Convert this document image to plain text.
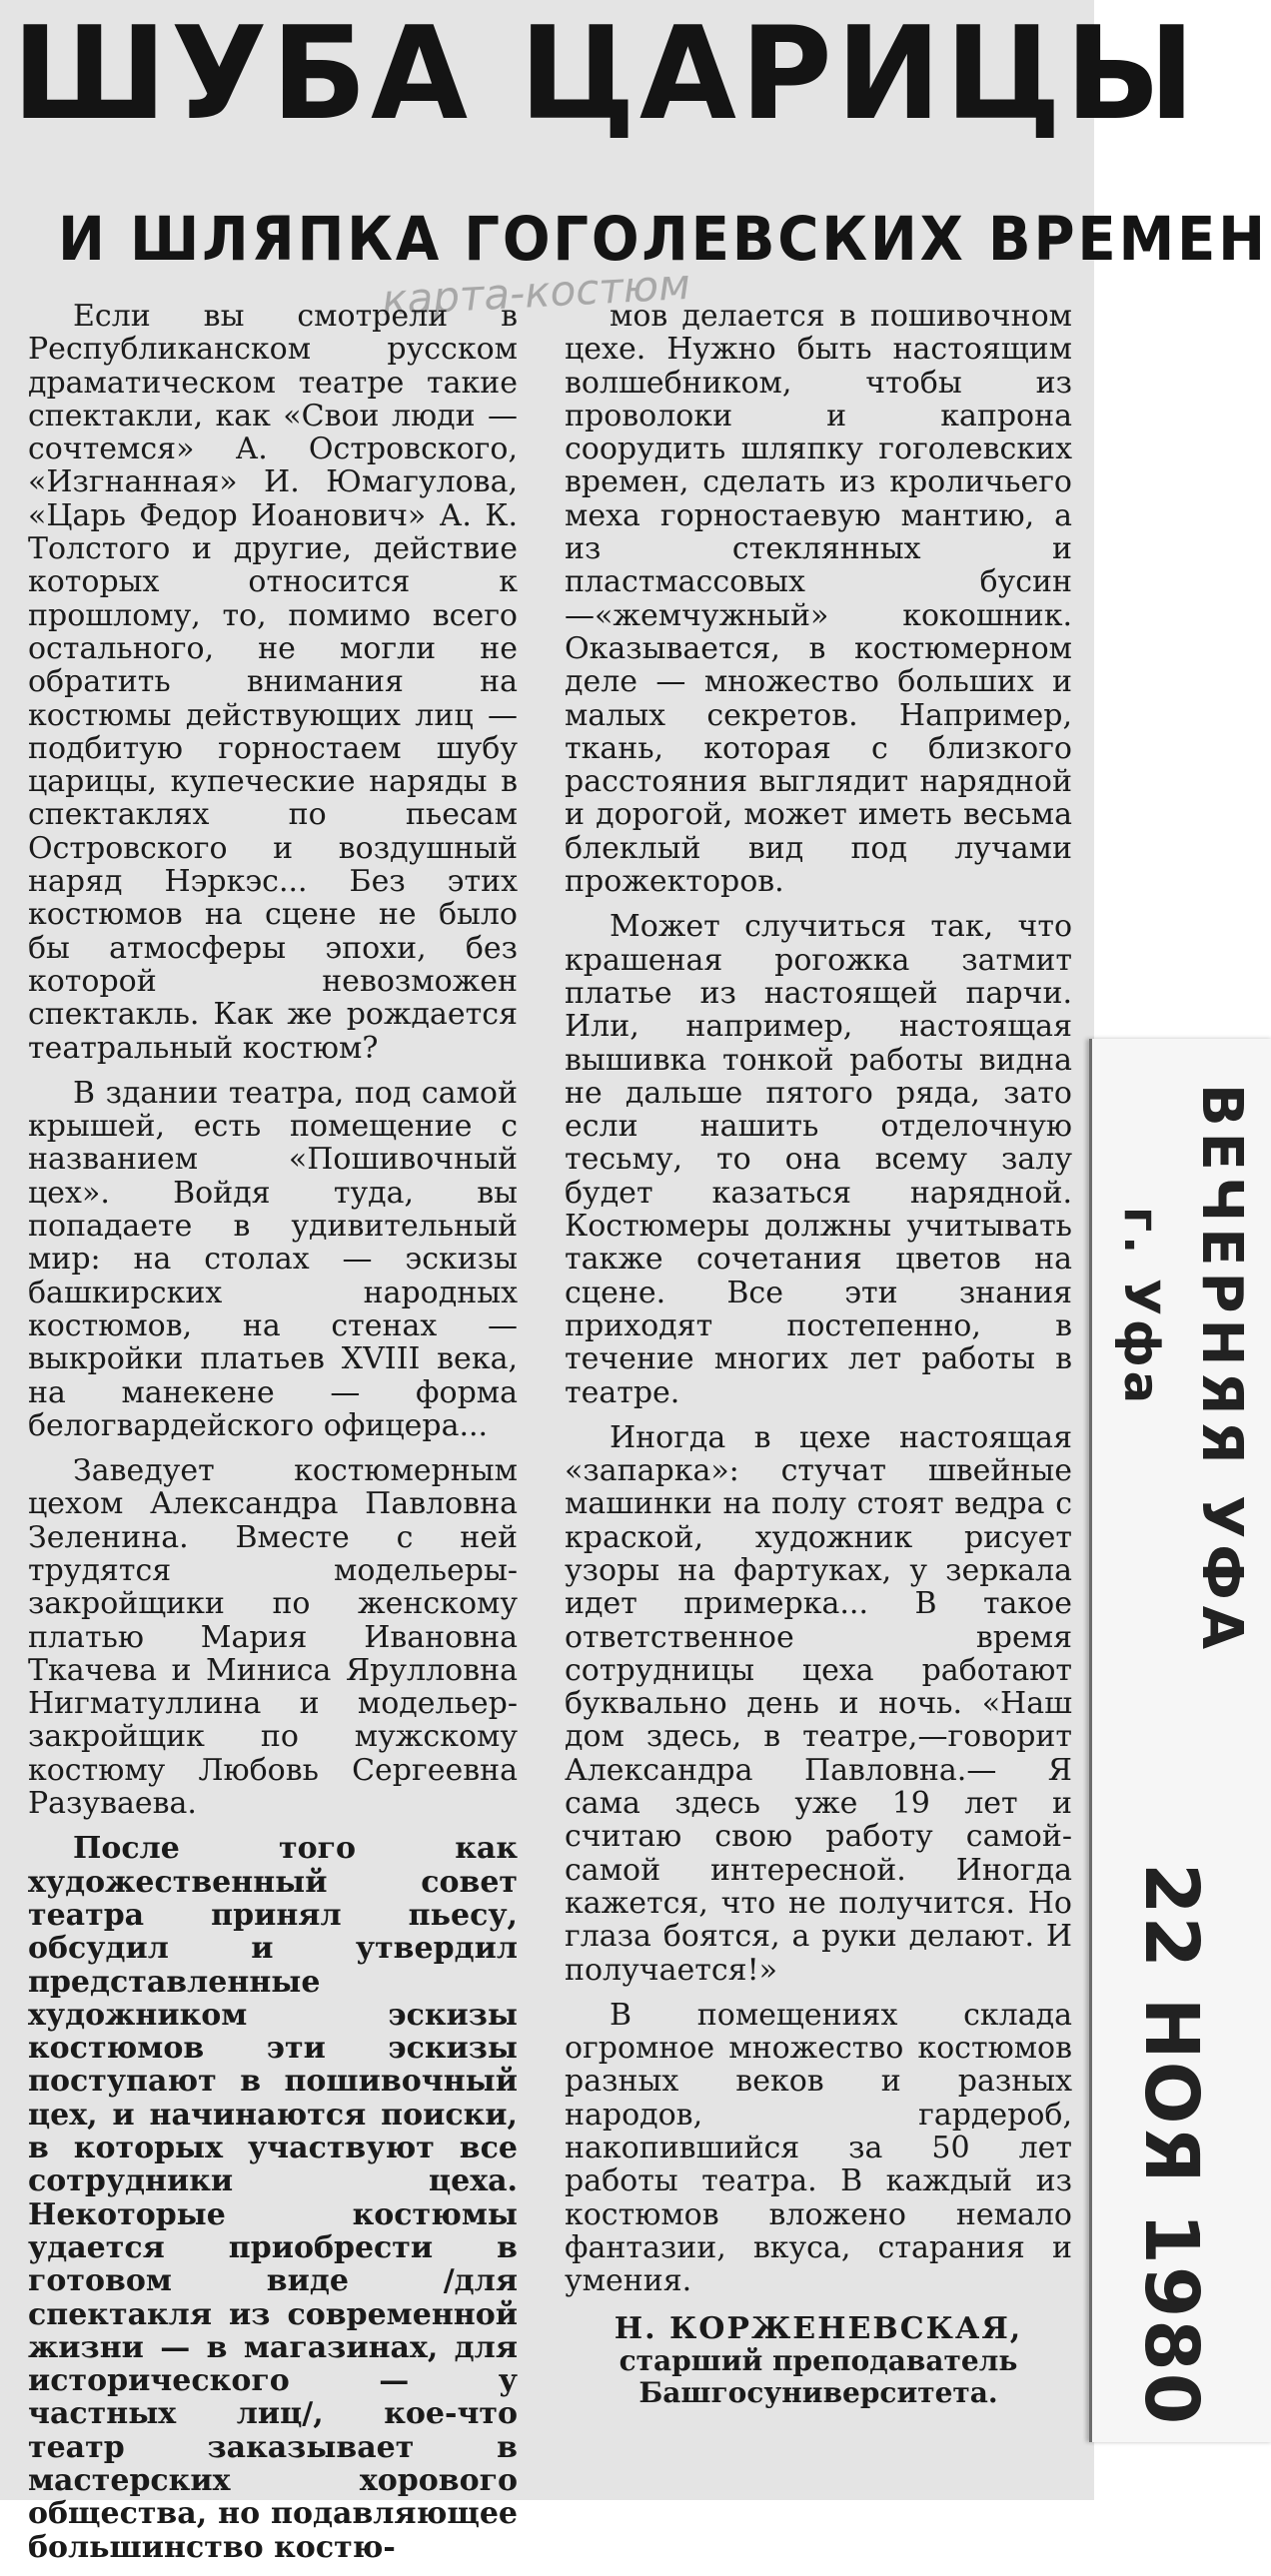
ШУБА ЦАРИЦЫ
И ШЛЯПКА ГОГОЛЕВСКИХ ВРЕМЕН
карта-костюм

Если вы смотрели в Республиканском русском драматическом театре такие спектакли, как «Свои люди —сочтемся» А. Островского, «Изгнанная» И. Юмагулова, «Царь Федор Иоанович» А. К. Толстого и другие, действие которых относится к прошлому, то, помимо всего остального, не могли не обратить внимания на костюмы действующих лиц — подбитую горностаем шубу царицы, купеческие наряды в спектаклях по пьесам Островского и воздушный наряд Нэркэс... Без этих костюмов на сцене не было бы атмосферы эпохи, без которой невозможен спектакль. Как же рождается театральный костюм?

В здании театра, под самой крышей, есть помещение с названием «Пошивочный цех». Войдя туда, вы попадаете в удивительный мир: на столах — эскизы башкирских народных костюмов, на стенах — выкройки платьев XVIII века, на манекене — форма белогвардейского офицера...

Заведует костюмерным цехом Александра Павловна Зеленина. Вместе с ней трудятся модельеры-закройщики по женскому платью Мария Ивановна Ткачева и Миниса Ярулловна Нигматуллина и модельер-закройщик по мужскому костюму Любовь Сергеевна Разуваева.

После того как художественный совет театра принял пьесу, обсудил и утвердил представленные художником эскизы костюмов эти эскизы поступают в пошивочный цех, и начинаются поиски, в которых участвуют все сотрудники цеха. Некоторые костюмы удается приобрести в готовом виде /для спектакля из современной жизни — в магазинах, для исторического — у частных лиц/, кое-что театр заказывает в мастерских хорового общества, но подавляющее большинство костю-

мов делается в пошивочном цехе. Нужно быть настоящим волшебником, чтобы из проволоки и капрона соорудить шляпку гоголевских времен, сделать из кроличьего меха горностаевую мантию, а из стеклянных и пластмассовых бусин —«жемчужный» кокошник. Оказывается, в костюмерном деле — множество больших и малых секретов. Например, ткань, которая с близкого расстояния выглядит нарядной и дорогой, может иметь весьма блеклый вид под лучами прожекторов.

Может случиться так, что крашеная рогожка затмит платье из настоящей парчи. Или, например, настоящая вышивка тонкой работы видна не дальше пятого ряда, зато если нашить отделочную тесьму, то она всему залу будет казаться нарядной. Костюмеры должны учитывать также сочетания цветов на сцене. Все эти знания приходят постепенно, в течение многих лет работы в театре.

Иногда в цехе настоящая «запарка»: стучат швейные машинки на полу стоят ведра с краской, художник рисует узоры на фартуках, у зеркала идет примерка... В такое ответственное время сотрудницы цеха работают буквально день и ночь. «Наш дом здесь, в театре,—говорит Александра Павловна.— Я сама здесь уже 19 лет и считаю свою работу самой-самой интересной. Иногда кажется, что не получится. Но глаза боятся, а руки делают. И получается!»

В помещениях склада огромное множество костюмов разных веков и разных народов, гардероб, накопившийся за 50 лет работы театра. В каждый из костюмов вложено немало фантазии, вкуса, старания и умения.

Н. КОРЖЕНЕВСКАЯ,
старший преподаватель
Башгосуниверситета.
ВЕЧЕРНЯЯ УФА
г. Уфа
22 НОЯ 1980
